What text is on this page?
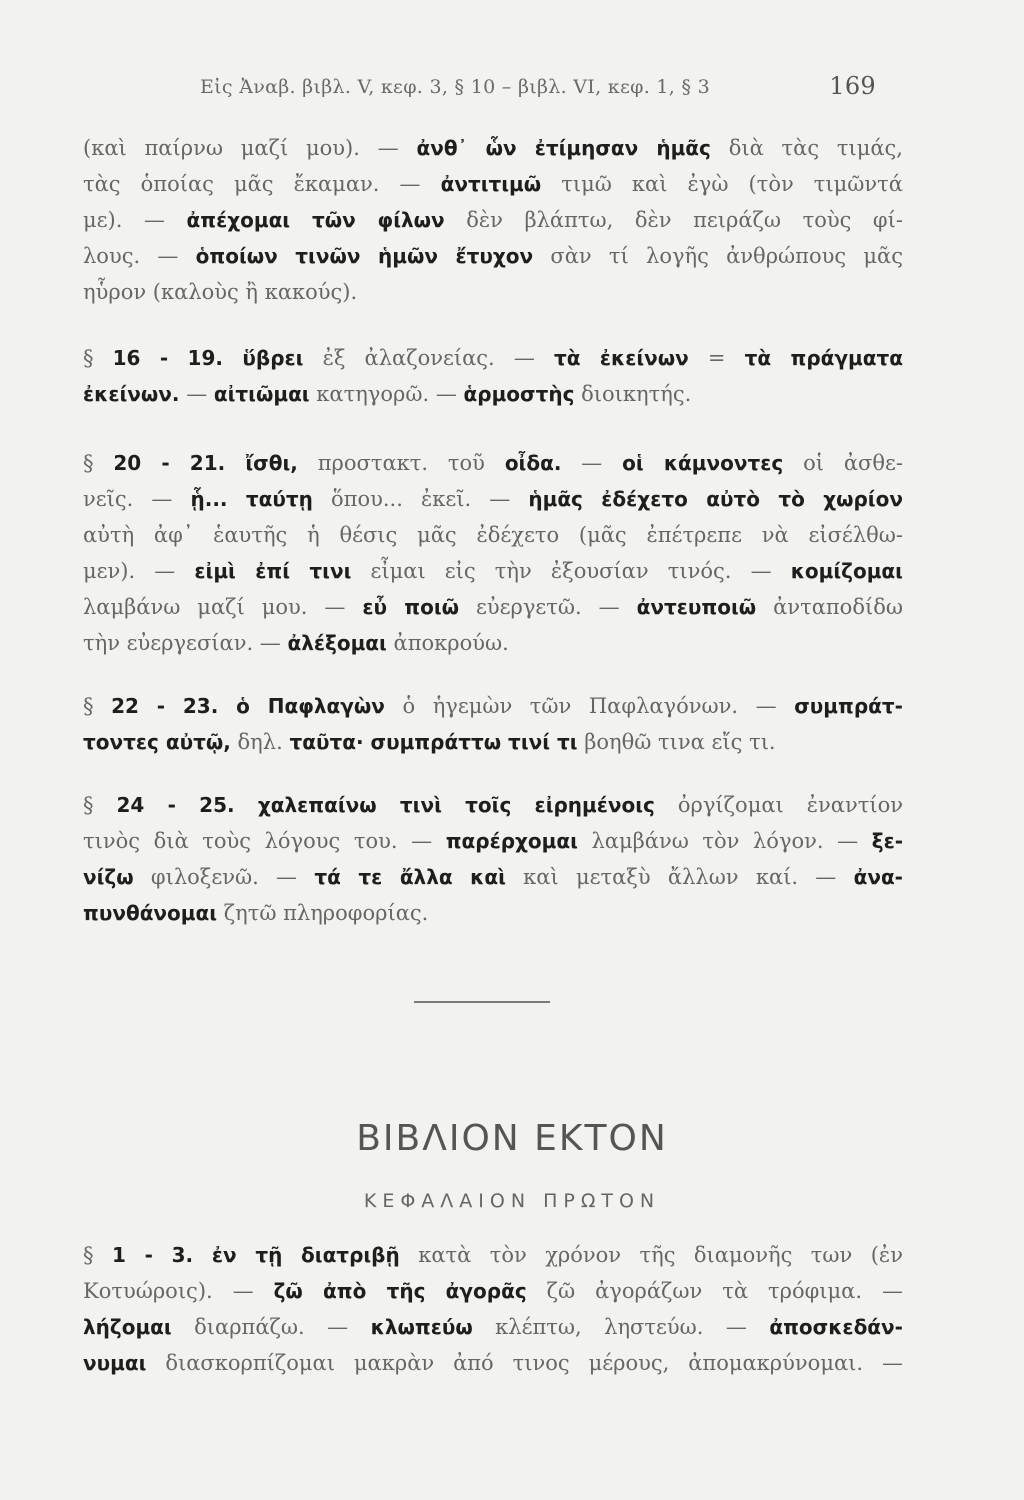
Εἰς Ἀναβ. βιβλ. V, κεφ. 3, § 10 – βιβλ. VI, κεφ. 1, § 3	169
(καὶ παίρνω μαζί μου). — ἀνθ᾽ ὧν ἐτίμησαν ἡμᾶς διὰ τὰς τιμάς,
τὰς ὁποίας μᾶς ἔκαμαν. — ἀντιτιμῶ τιμῶ καὶ ἐγὼ (τὸν τιμῶντά
με). — ἀπέχομαι τῶν φίλων δὲν βλάπτω, δὲν πειράζω τοὺς φί-
λους. — ὁποίων τινῶν ἡμῶν ἔτυχον σὰν τί λογῆς ἀνθρώπους μᾶς
ηὗρον (καλοὺς ἢ κακούς).
§ 16 - 19. ὕβρει ἐξ ἀλαζονείας. — τὰ ἐκείνων = τὰ πράγματα
ἐκείνων. — αἰτιῶμαι κατηγορῶ. — ἁρμοστὴς διοικητής.
§ 20 - 21. ἴσθι, προστακτ. τοῦ οἶδα. — οἱ κάμνοντες οἱ ἀσθε-
νεῖς. — ᾗ... ταύτῃ ὅπου... ἐκεῖ. — ἡμᾶς ἐδέχετο αὐτὸ τὸ χωρίον
αὐτὴ ἀφ᾽ ἑαυτῆς ἡ θέσις μᾶς ἐδέχετο (μᾶς ἐπέτρεπε νὰ εἰσέλθω-
μεν). — εἰμὶ ἐπί τινι εἶμαι εἰς τὴν ἐξουσίαν τινός. — κομίζομαι
λαμβάνω μαζί μου. — εὖ ποιῶ εὐεργετῶ. — ἀντευποιῶ ἀνταποδίδω
τὴν εὐεργεσίαν. — ἀλέξομαι ἀποκρούω.
§ 22 - 23. ὁ Παφλαγὼν ὁ ἡγεμὼν τῶν Παφλαγόνων. — συμπράτ-
τοντες αὐτῷ, δηλ. ταῦτα· συμπράττω τινί τι βοηθῶ τινα εἴς τι.
§ 24 - 25. χαλεπαίνω τινὶ τοῖς εἰρημένοις ὀργίζομαι ἐναντίον
τινὸς διὰ τοὺς λόγους του. — παρέρχομαι λαμβάνω τὸν λόγον. — ξε-
νίζω φιλοξενῶ. — τά τε ἄλλα καὶ καὶ μεταξὺ ἄλλων καί. — ἀνα-
πυνθάνομαι ζητῶ πληροφορίας.
ΒΙΒΛΙΟΝ ΕΚΤΟΝ
ΚΕΦΑΛΑΙΟΝ ΠΡΩΤΟΝ
§ 1 - 3. ἐν τῇ διατριβῇ κατὰ τὸν χρόνον τῆς διαμονῆς των (ἐν
Κοτυώροις). — ζῶ ἀπὸ τῆς ἀγορᾶς ζῶ ἀγοράζων τὰ τρόφιμα. —
λήζομαι διαρπάζω. — κλωπεύω κλέπτω, ληστεύω. — ἀποσκεδάν-
νυμαι διασκορπίζομαι μακρὰν ἀπό τινος μέρους, ἀπομακρύνομαι. —
